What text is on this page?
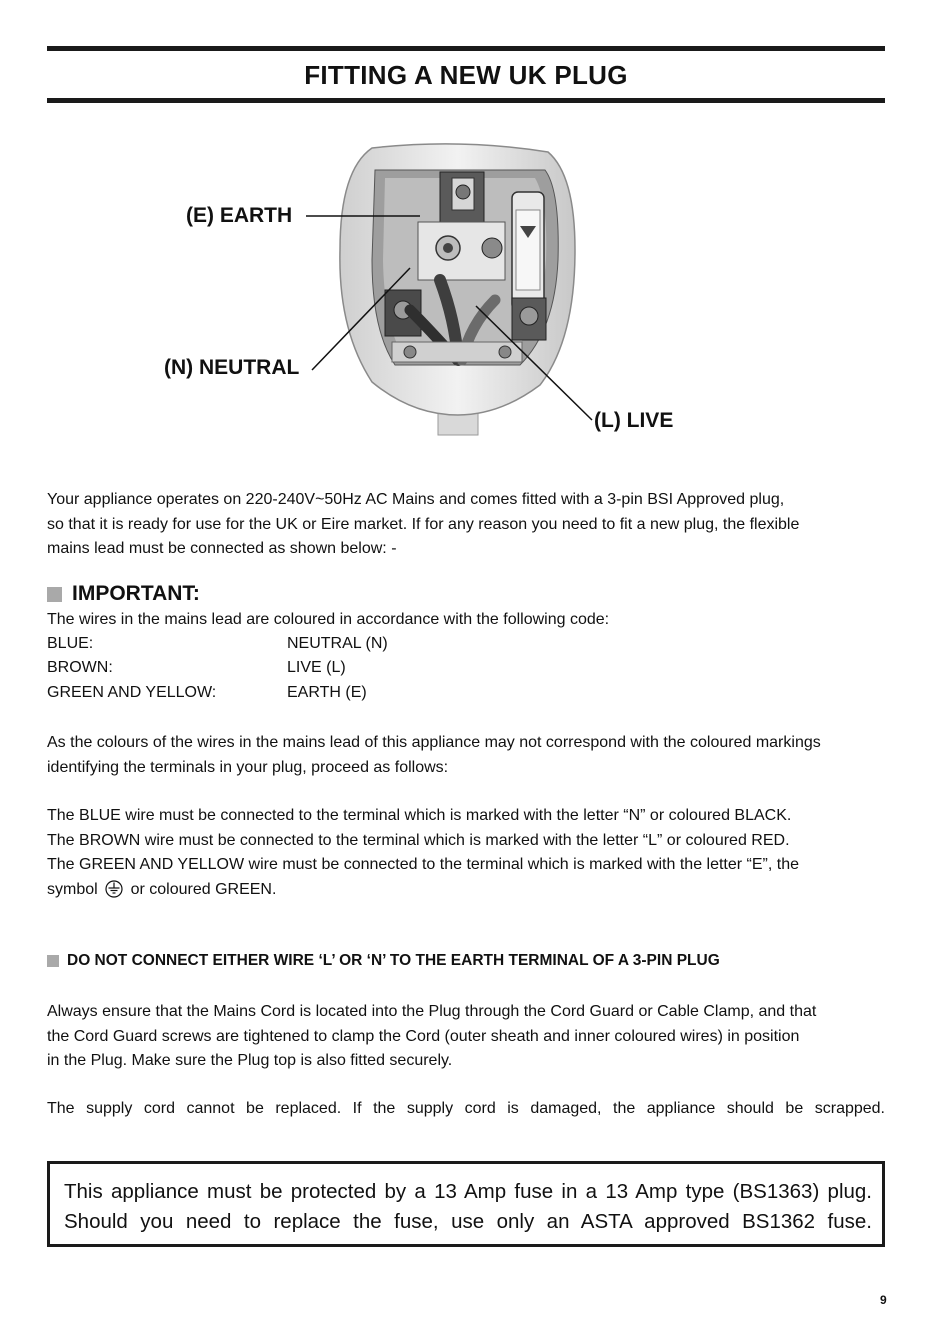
FITTING A NEW UK PLUG
(E) EARTH
(N) NEUTRAL
(L) LIVE

Your appliance operates on 220-240V~50Hz AC Mains and comes fitted with a 3-pin BSI Approved plug,

so that it is ready for use for the UK or Eire market. If for any reason you need to fit a new plug, the flexible

mains lead must be connected as shown below: -

IMPORTANT:

The wires in the mains lead are coloured in accordance with the following code:

BLUE:	NEUTRAL (N)
BROWN:	LIVE (L)
GREEN AND YELLOW:	EARTH (E)

As the colours of the wires in the mains lead of this appliance may not correspond with the coloured markings

identifying the terminals in your plug, proceed as follows:

The BLUE wire must be connected to the terminal which is marked with the letter “N” or coloured BLACK.

The BROWN wire must be connected to the terminal which is marked with the letter “L” or coloured RED.

The GREEN AND YELLOW wire must be connected to the terminal which is marked with the letter “E”, the

symbol or coloured GREEN.

DO NOT CONNECT EITHER WIRE ‘L’ OR ‘N’ TO THE EARTH TERMINAL OF A 3-PIN PLUG

Always ensure that the Mains Cord is located into the Plug through the Cord Guard or Cable Clamp, and that

the Cord Guard screws are tightened to clamp the Cord (outer sheath and inner coloured wires) in position

in the Plug. Make sure the Plug top is also fitted securely.

The supply cord cannot be replaced. If the supply cord is damaged, the appliance should be scrapped.

This appliance must be protected by a 13 Amp fuse in a 13 Amp type (BS1363) plug.

Should you need to replace the fuse, use only an ASTA approved BS1362 fuse.

9
